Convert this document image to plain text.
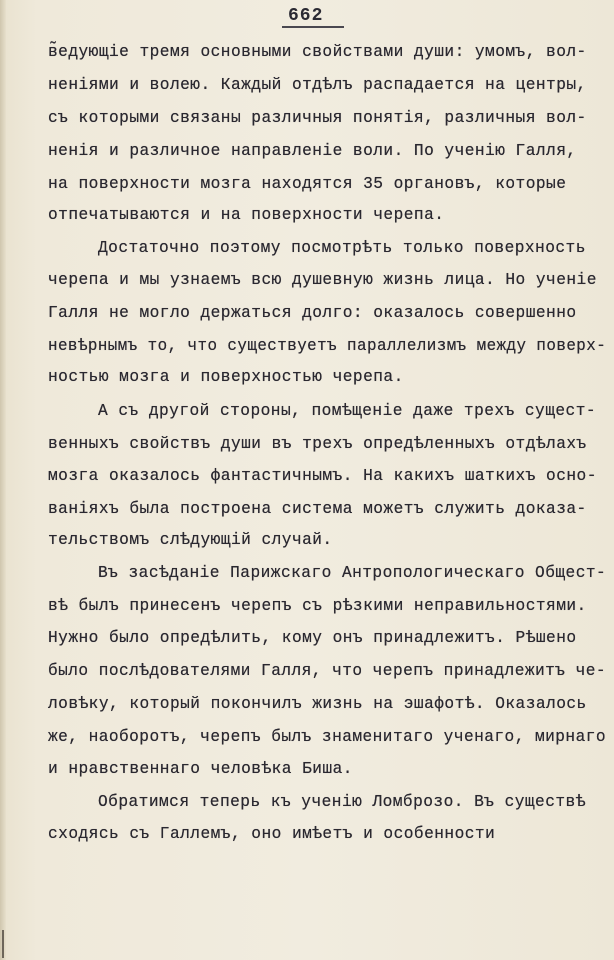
662
в̃едующіе тремя основными свойствами души: умомъ, вол-
неніями и волею. Каждый отдѣлъ распадается на центры,
съ которыми связаны различныя понятія, различныя вол-
ненія и различное направленіе воли. По ученію Галля,
на поверхности мозга находятся 35 органовъ, которые
отпечатываются и на поверхности черепа.
Достаточно поэтому посмотрѣть только поверхность
черепа и мы узнаемъ всю душевную жизнь лица. Но ученіе
Галля не могло держаться долго: оказалось совершенно
невѣрнымъ то, что существуетъ параллелизмъ между поверх-
ностью мозга и поверхностью черепа.
А съ другой стороны, помѣщеніе даже трехъ сущест-
венныхъ свойствъ души въ трехъ опредѣленныхъ отдѣлахъ
мозга оказалось фантастичнымъ. На какихъ шаткихъ осно-
ваніяхъ была построена система можетъ служить доказа-
тельствомъ слѣдующій случай.
Въ засѣданіе Парижскаго Антропологическаго Общест-
вѣ былъ принесенъ черепъ съ рѣзкими неправильностями.
Нужно было опредѣлить, кому онъ принадлежитъ. Рѣшено
было послѣдователями Галля, что черепъ принадлежитъ че-
ловѣку, который покончилъ жизнь на эшафотѣ. Оказалось
же, наоборотъ, черепъ былъ знаменитаго ученаго, мирнаго
и нравственнаго человѣка Биша.
Обратимся теперь къ ученію Ломброзо. Въ существѣ
сходясь съ Галлемъ, оно имѣетъ и особенности
